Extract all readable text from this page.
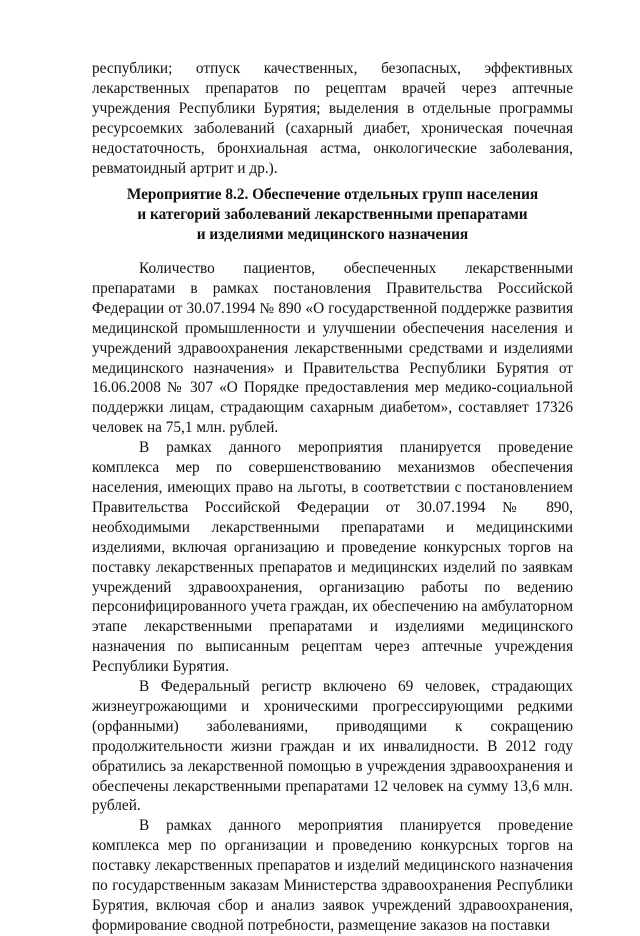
республики; отпуск качественных, безопасных, эффективных лекарственных препаратов по рецептам врачей через аптечные учреждения Республики Бурятия; выделения в отдельные программы ресурсоемких заболеваний (сахарный диабет, хроническая почечная недостаточность, бронхиальная астма, онкологические заболевания, ревматоидный артрит и др.).

Мероприятие 8.2. Обеспечение отдельных групп населения
и категорий заболеваний лекарственными препаратами
и изделиями медицинского назначения

Количество пациентов, обеспеченных лекарственными препаратами в рамках постановления Правительства Российской Федерации от 30.07.1994 № 890 «О государственной поддержке развития медицинской промышленности и улучшении обеспечения населения и учреждений здравоохранения лекарственными средствами и изделиями медицинского назначения» и Правительства Республики Бурятия от 16.06.2008 № 307 «О Порядке предоставления мер медико-социальной поддержки лицам, страдающим сахарным диабетом», составляет 17326 человек на 75,1 млн. рублей.

В рамках данного мероприятия планируется проведение комплекса мер по совершенствованию механизмов обеспечения населения, имеющих право на льготы, в соответствии с постановлением Правительства Российской Федерации от 30.07.1994 № 890, необходимыми лекарственными препаратами и медицинскими изделиями, включая организацию и проведение конкурсных торгов на поставку лекарственных препаратов и медицинских изделий по заявкам учреждений здравоохранения, организацию работы по ведению персонифицированного учета граждан, их обеспечению на амбулаторном этапе лекарственными препаратами и изделиями медицинского назначения по выписанным рецептам через аптечные учреждения Республики Бурятия.

В Федеральный регистр включено 69 человек, страдающих жизнеугрожающими и хроническими прогрессирующими редкими (орфанными) заболеваниями, приводящими к сокращению продолжительности жизни граждан и их инвалидности. В 2012 году обратились за лекарственной помощью в учреждения здравоохранения и обеспечены лекарственными препаратами 12 человек на сумму 13,6 млн. рублей.

В рамках данного мероприятия планируется проведение комплекса мер по организации и проведению конкурсных торгов на поставку лекарственных препаратов и изделий медицинского назначения по государственным заказам Министерства здравоохранения Республики Бурятия, включая сбор и анализ заявок учреждений здравоохранения, формирование сводной потребности, размещение заказов на поставки
